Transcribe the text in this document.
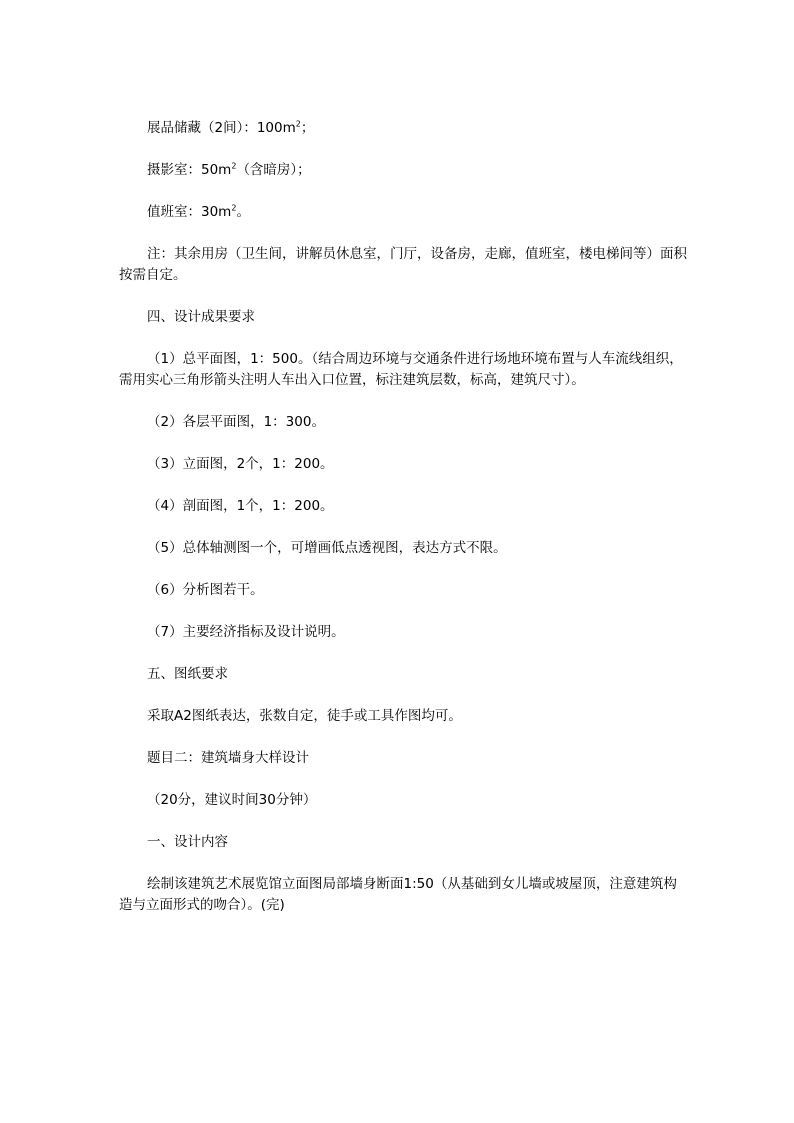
展品储藏（2间）：$100m^2$；

摄影室：$50m^2$（含暗房）；

值班室：$30m^2$。

注：其余用房（卫生间，讲解员休息室，门厅，设备房，走廊，值班室，楼电梯间等）面积按需自定。

四、设计成果要求

（1）总平面图，1：500。（结合周边环境与交通条件进行场地环境布置与人车流线组织，需用实心三角形箭头注明人车出入口位置，标注建筑层数，标高，建筑尺寸）。

（2）各层平面图，1：300。

（3）立面图，2个，1：200。

（4）剖面图，1个，1：200。

（5）总体轴测图一个，可增画低点透视图，表达方式不限。

（6）分析图若干。

（7）主要经济指标及设计说明。

五、图纸要求

采取A2图纸表达，张数自定，徒手或工具作图均可。

题目二：建筑墙身大样设计

（20分，建议时间30分钟）

一、设计内容

绘制该建筑艺术展览馆立面图局部墙身断面1:50（从基础到女儿墙或坡屋顶，注意建筑构造与立面形式的吻合）。(完)
